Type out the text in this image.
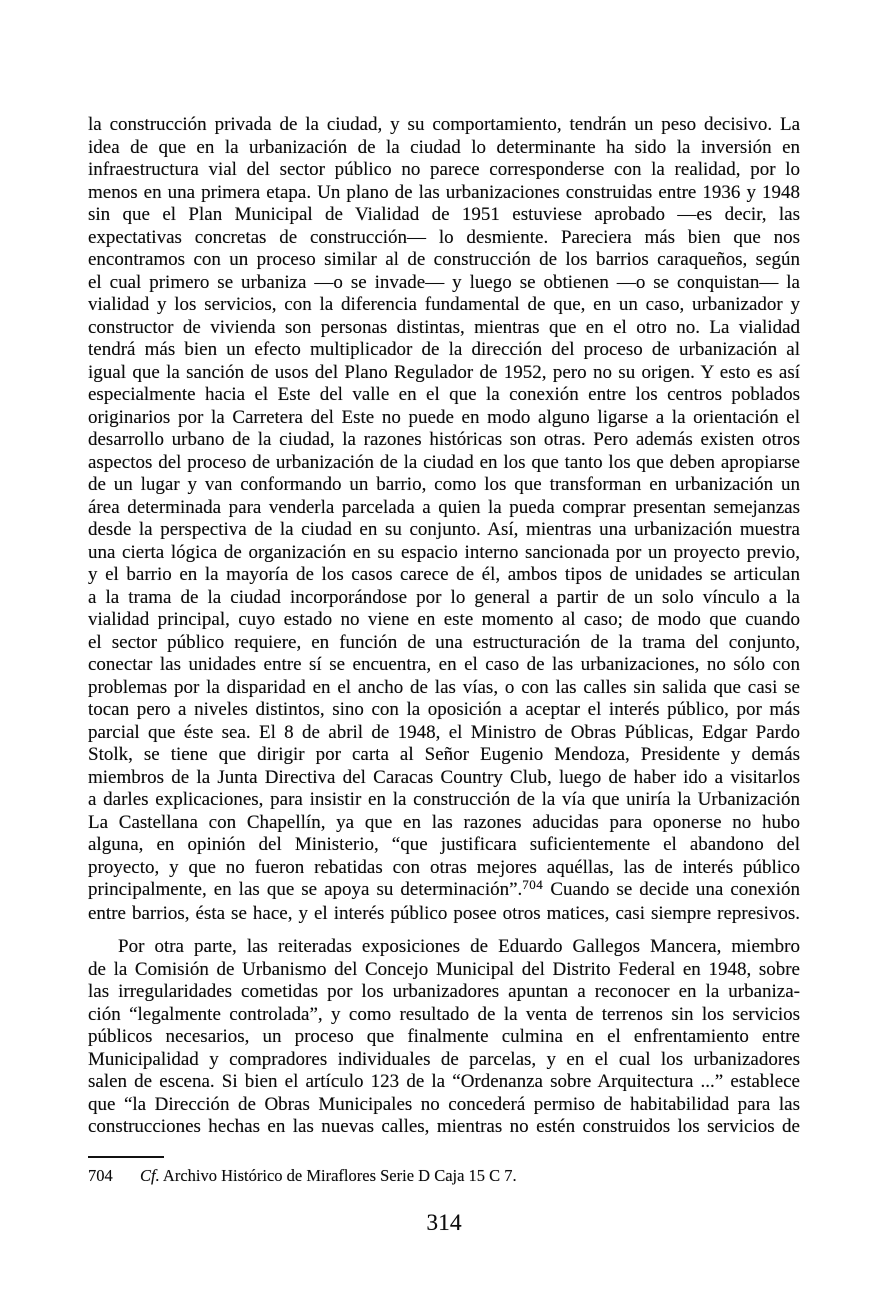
la construcción privada de la ciudad, y su comportamiento, tendrán un peso decisivo. La
idea de que en la urbanización de la ciudad lo determinante ha sido la inversión en
infraestructura vial del sector público no parece corresponderse con la realidad, por lo
menos en una primera etapa. Un plano de las urbanizaciones construidas entre 1936 y 1948
sin que el Plan Municipal de Vialidad de 1951 estuviese aprobado —es decir, las
expectativas concretas de construcción— lo desmiente. Pareciera más bien que nos
encontramos con un proceso similar al de construcción de los barrios caraqueños, según
el cual primero se urbaniza —o se invade— y luego se obtienen —o se conquistan— la
vialidad y los servicios, con la diferencia fundamental de que, en un caso, urbanizador y
constructor de vivienda son personas distintas, mientras que en el otro no. La vialidad
tendrá más bien un efecto multiplicador de la dirección del proceso de urbanización al
igual que la sanción de usos del Plano Regulador de 1952, pero no su origen. Y esto es así
especialmente hacia el Este del valle en el que la conexión entre los centros poblados
originarios por la Carretera del Este no puede en modo alguno ligarse a la orientación el
desarrollo urbano de la ciudad, la razones históricas son otras. Pero además existen otros
aspectos del proceso de urbanización de la ciudad en los que tanto los que deben apropiarse
de un lugar y van conformando un barrio, como los que transforman en urbanización un
área determinada para venderla parcelada a quien la pueda comprar presentan semejanzas
desde la perspectiva de la ciudad en su conjunto. Así, mientras una urbanización muestra
una cierta lógica de organización en su espacio interno sancionada por un proyecto previo,
y el barrio en la mayoría de los casos carece de él, ambos tipos de unidades se articulan
a la trama de la ciudad incorporándose por lo general a partir de un solo vínculo a la
vialidad principal, cuyo estado no viene en este momento al caso; de modo que cuando
el sector público requiere, en función de una estructuración de la trama del conjunto,
conectar las unidades entre sí se encuentra, en el caso de las urbanizaciones, no sólo con
problemas por la disparidad en el ancho de las vías, o con las calles sin salida que casi se
tocan pero a niveles distintos, sino con la oposición a aceptar el interés público, por más
parcial que éste sea. El 8 de abril de 1948, el Ministro de Obras Públicas, Edgar Pardo
Stolk, se tiene que dirigir por carta al Señor Eugenio Mendoza, Presidente y demás
miembros de la Junta Directiva del Caracas Country Club, luego de haber ido a visitarlos
a darles explicaciones, para insistir en la construcción de la vía que uniría la Urbanización
La Castellana con Chapellín, ya que en las razones aducidas para oponerse no hubo
alguna, en opinión del Ministerio, “que justificara suficientemente el abandono del
proyecto, y que no fueron rebatidas con otras mejores aquéllas, las de interés público
principalmente, en las que se apoya su determinación”.$^{704}$ Cuando se decide una conexión
entre barrios, ésta se hace, y el interés público posee otros matices, casi siempre represivos.
Por otra parte, las reiteradas exposiciones de Eduardo Gallegos Mancera, miembro
de la Comisión de Urbanismo del Concejo Municipal del Distrito Federal en 1948, sobre
las irregularidades cometidas por los urbanizadores apuntan a reconocer en la urbaniza-
ción “legalmente controlada”, y como resultado de la venta de terrenos sin los servicios
públicos necesarios, un proceso que finalmente culmina en el enfrentamiento entre
Municipalidad y compradores individuales de parcelas, y en el cual los urbanizadores
salen de escena. Si bien el artículo 123 de la “Ordenanza sobre Arquitectura ...” establece
que “la Dirección de Obras Municipales no concederá permiso de habitabilidad para las
construcciones hechas en las nuevas calles, mientras no estén construidos los servicios de
704 Cf. Archivo Histórico de Miraflores Serie D Caja 15 C 7.
314
